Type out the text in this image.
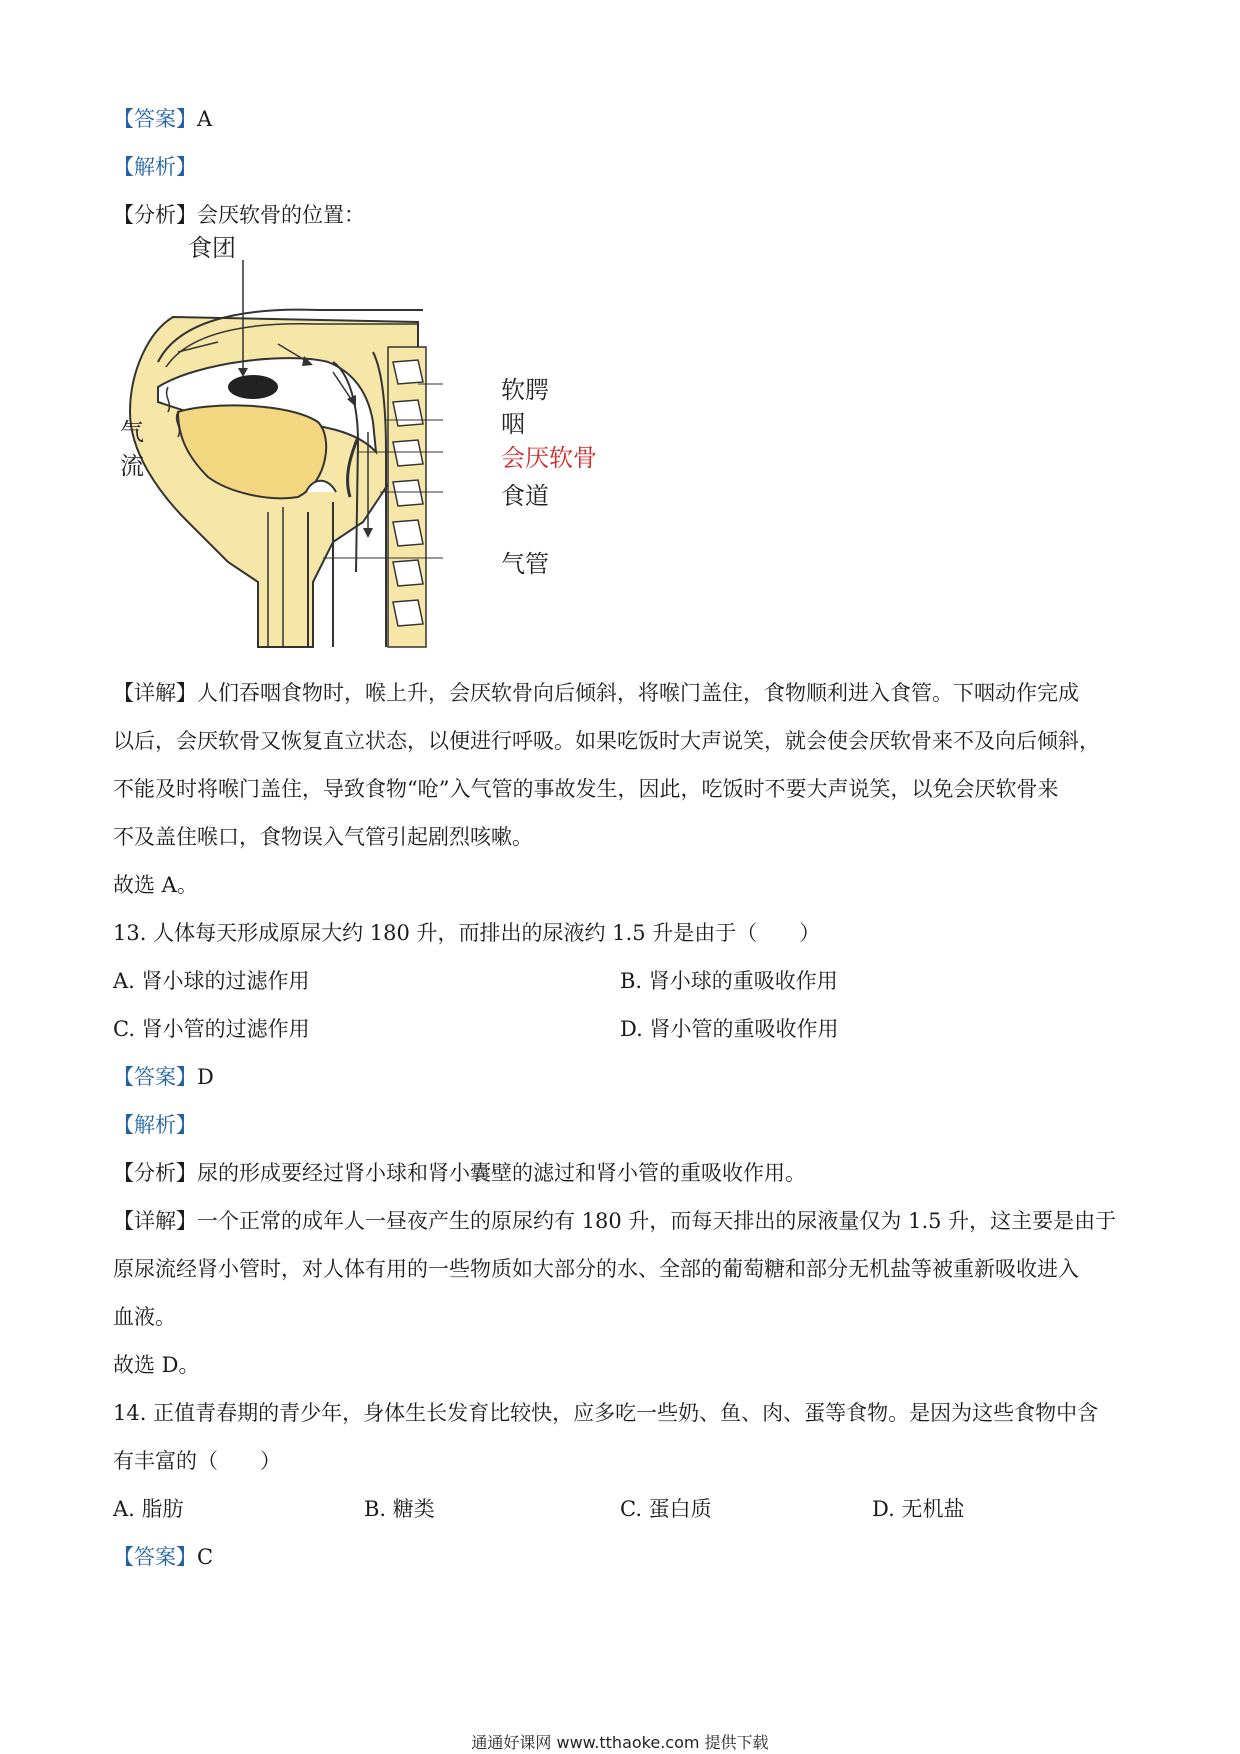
【答案】A
【解析】
【分析】会厌软骨的位置：
食团
软腭
咽
会厌软骨
食道
气管
气
流
【详解】人们吞咽食物时，喉上升，会厌软骨向后倾斜，将喉门盖住，食物顺利进入食管。下咽动作完成
以后，会厌软骨又恢复直立状态，以便进行呼吸。如果吃饭时大声说笑，就会使会厌软骨来不及向后倾斜，
不能及时将喉门盖住，导致食物“呛”入气管的事故发生，因此，吃饭时不要大声说笑，以免会厌软骨来
不及盖住喉口，食物误入气管引起剧烈咳嗽。
故选 A。
13. 人体每天形成原尿大约 180 升，而排出的尿液约 1.5 升是由于（　　）
A. 肾小球的过滤作用	B. 肾小球的重吸收作用
C. 肾小管的过滤作用	D. 肾小管的重吸收作用
【答案】D
【解析】
【分析】尿的形成要经过肾小球和肾小囊壁的滤过和肾小管的重吸收作用。
【详解】一个正常的成年人一昼夜产生的原尿约有 180 升，而每天排出的尿液量仅为 1.5 升，这主要是由于
原尿流经肾小管时，对人体有用的一些物质如大部分的水、全部的葡萄糖和部分无机盐等被重新吸收进入
血液。
故选 D。
14. 正值青春期的青少年，身体生长发育比较快，应多吃一些奶、鱼、肉、蛋等食物。是因为这些食物中含
有丰富的（　　）
A. 脂肪	B. 糖类	C. 蛋白质	D. 无机盐
【答案】C
通通好课网 www.tthaoke.com 提供下载
